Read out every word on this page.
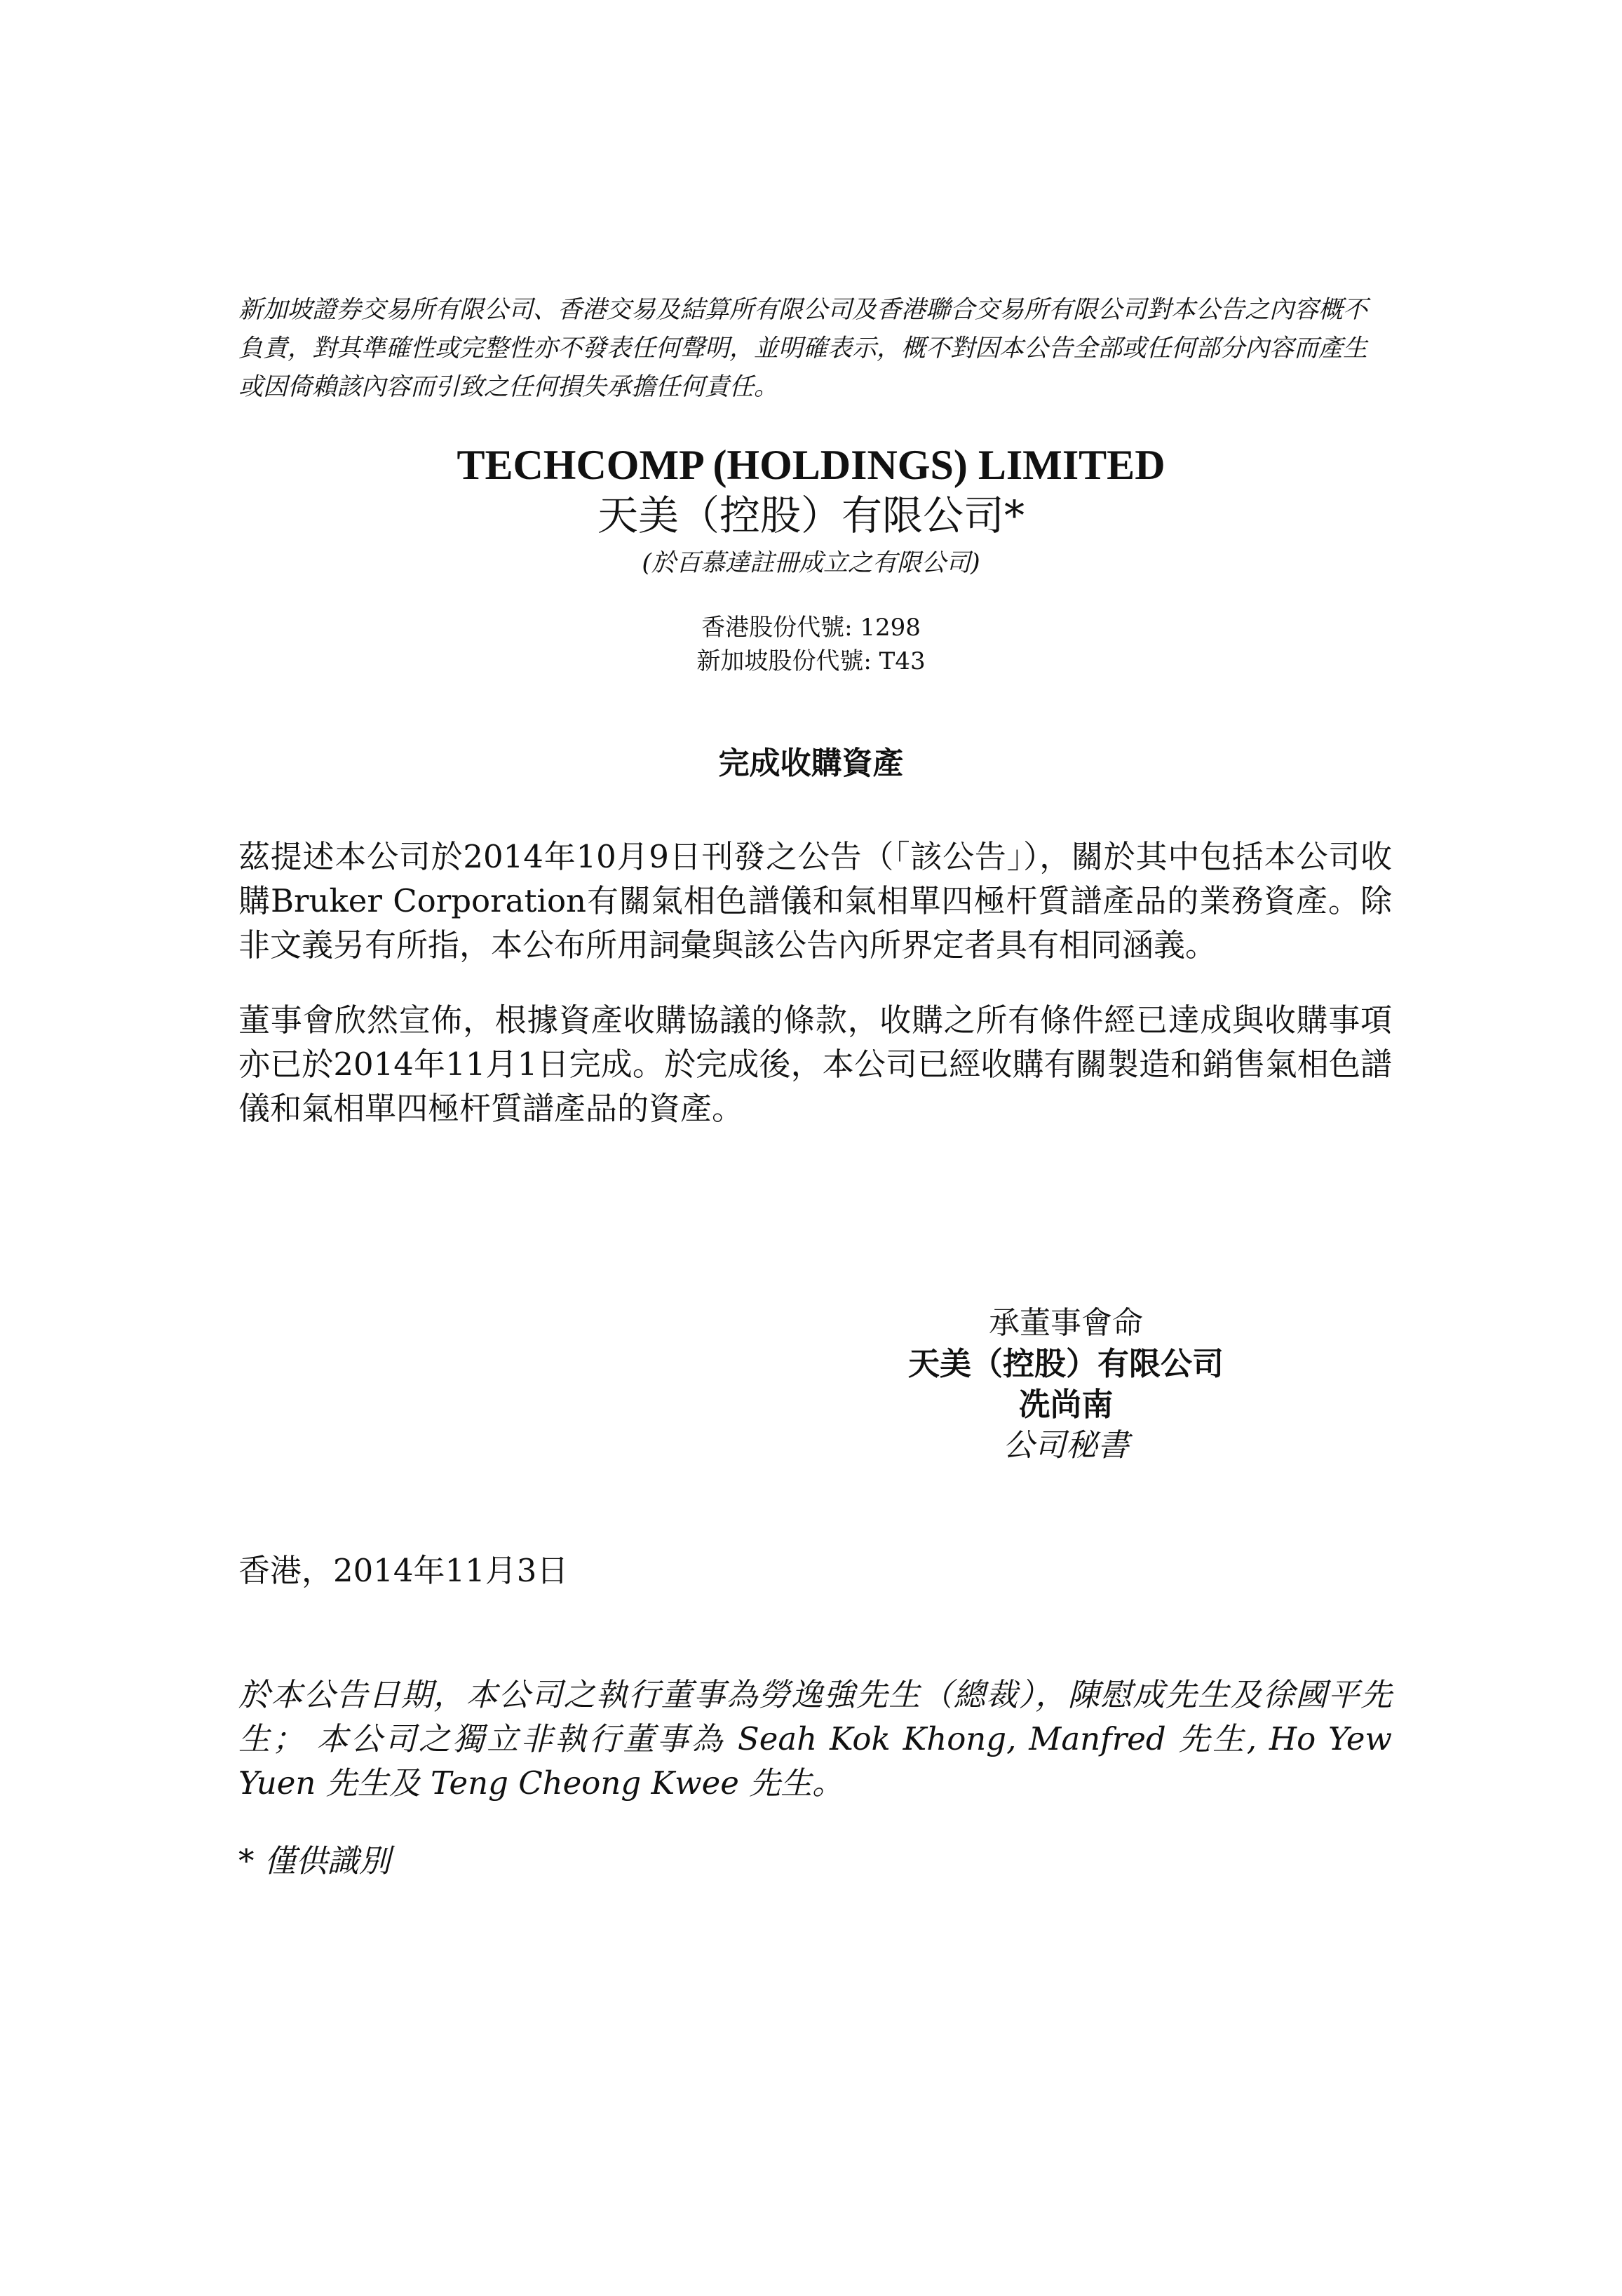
新加坡證券交易所有限公司、香港交易及結算所有限公司及香港聯合交易所有限公司對本公告之內容概不負責，對其準確性或完整性亦不發表任何聲明，並明確表示，概不對因本公告全部或任何部分內容而產生或因倚賴該內容而引致之任何損失承擔任何責任。

TECHCOMP (HOLDINGS) LIMITED
天美（控股）有限公司*
(於百慕達註冊成立之有限公司)
香港股份代號: 1298
新加坡股份代號: T43
完成收購資產

茲提述本公司於2014年10月9日刊發之公告（「該公告」），關於其中包括本公司收購Bruker Corporation有關氣相色譜儀和氣相單四極杆質譜產品的業務資產。除非文義另有所指，本公布所用詞彙與該公告內所界定者具有相同涵義。

董事會欣然宣佈，根據資產收購協議的條款，收購之所有條件經已達成與收購事項亦已於2014年11月1日完成。於完成後，本公司已經收購有關製造和銷售氣相色譜儀和氣相單四極杆質譜產品的資產。

承董事會命
天美（控股）有限公司
冼尚南
公司秘書

香港，2014年11月3日

於本公告日期，本公司之執行董事為勞逸強先生（總裁），陳慰成先生及徐國平先生； 本公司之獨立非執行董事為 Seah Kok Khong, Manfred 先生, Ho Yew Yuen 先生及 Teng Cheong Kwee 先生。

* 僅供識別
